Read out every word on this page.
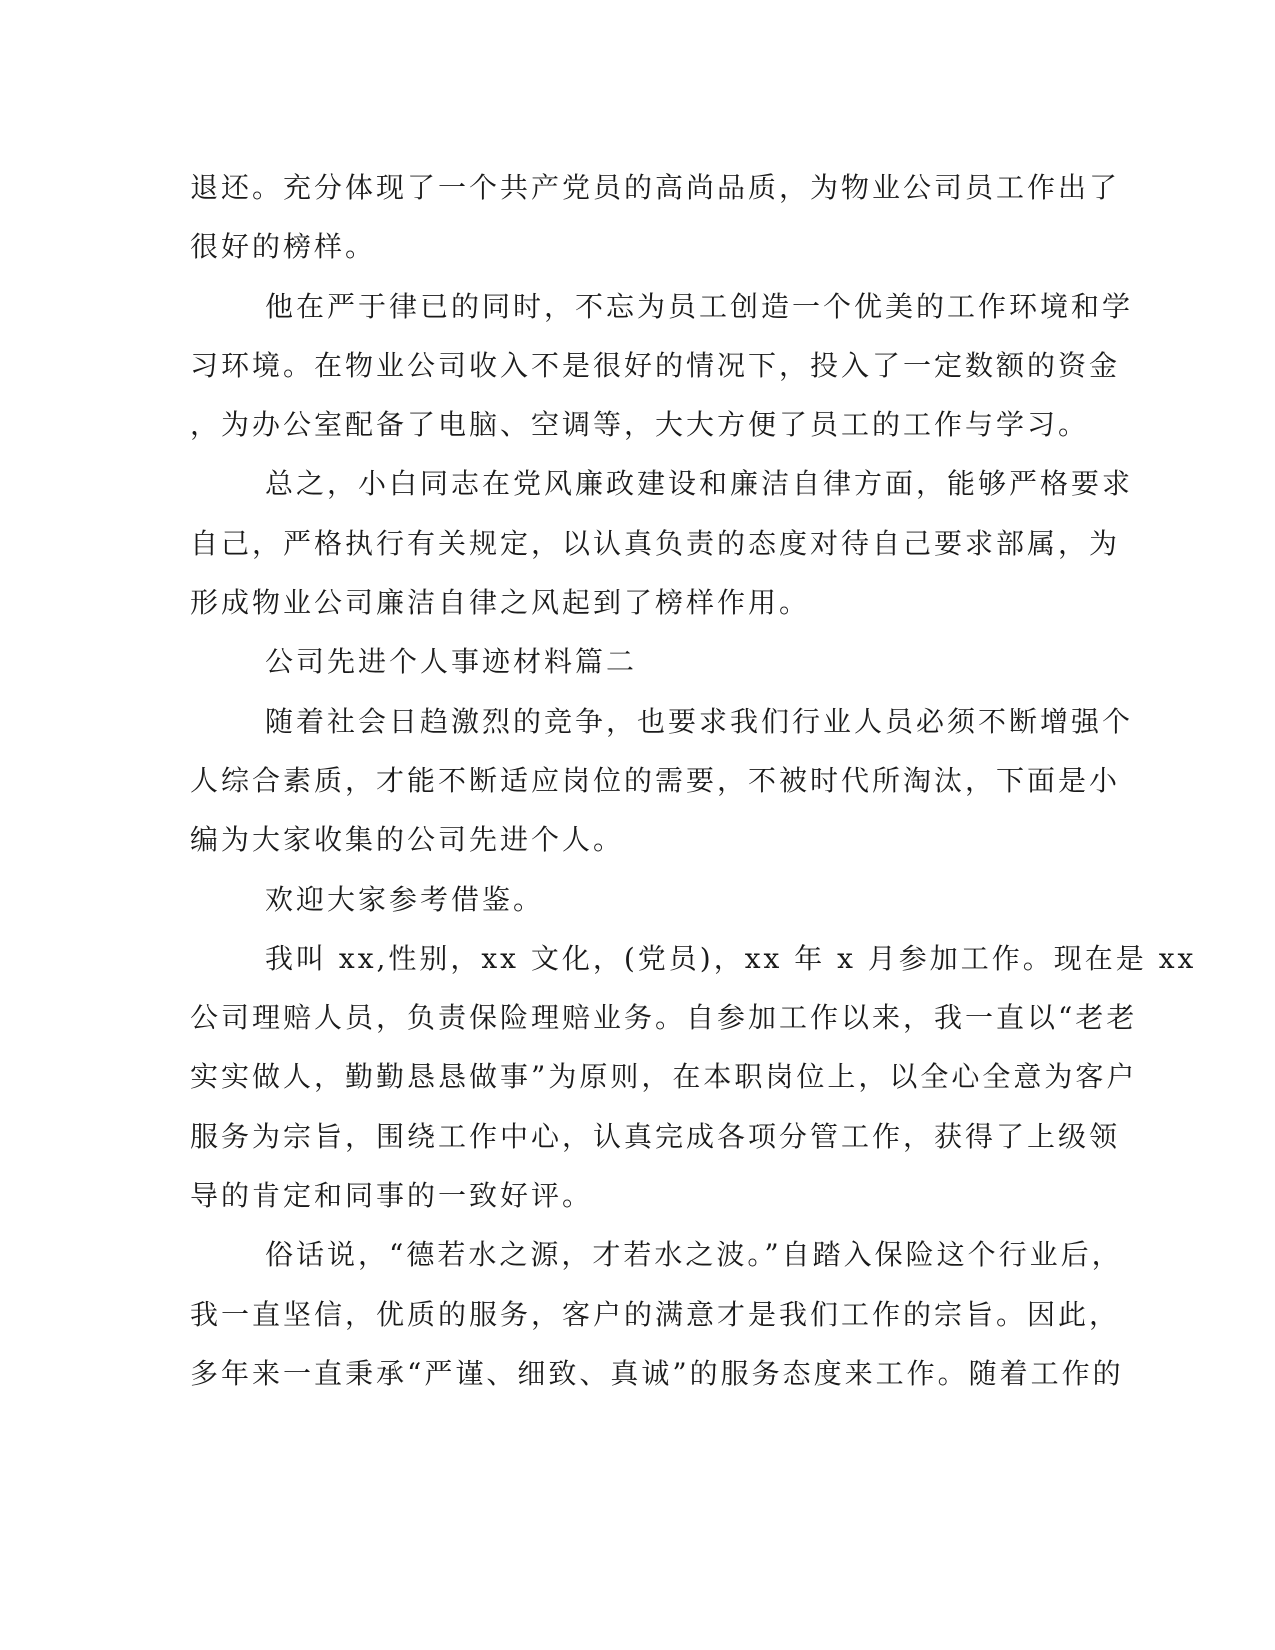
退还。充分体现了一个共产党员的高尚品质，为物业公司员工作出了
很好的榜样。

他在严于律已的同时，不忘为员工创造一个优美的工作环境和学
习环境。在物业公司收入不是很好的情况下，投入了一定数额的资金
，为办公室配备了电脑、空调等，大大方便了员工的工作与学习。

总之，小白同志在党风廉政建设和廉洁自律方面，能够严格要求
自己，严格执行有关规定，以认真负责的态度对待自己要求部属，为
形成物业公司廉洁自律之风起到了榜样作用。

公司先进个人事迹材料篇二

随着社会日趋激烈的竞争，也要求我们行业人员必须不断增强个
人综合素质，才能不断适应岗位的需要，不被时代所淘汰，下面是小
编为大家收集的公司先进个人。

欢迎大家参考借鉴。

我叫 xx,性别，xx 文化，(党员)，xx 年 x 月参加工作。现在是 xx
公司理赔人员，负责保险理赔业务。自参加工作以来，我一直以“老老
实实做人，勤勤恳恳做事”为原则，在本职岗位上，以全心全意为客户
服务为宗旨，围绕工作中心，认真完成各项分管工作，获得了上级领
导的肯定和同事的一致好评。

俗话说，“德若水之源，才若水之波。”自踏入保险这个行业后，
我一直坚信，优质的服务，客户的满意才是我们工作的宗旨。因此，
多年来一直秉承“严谨、细致、真诚”的服务态度来工作。随着工作的
